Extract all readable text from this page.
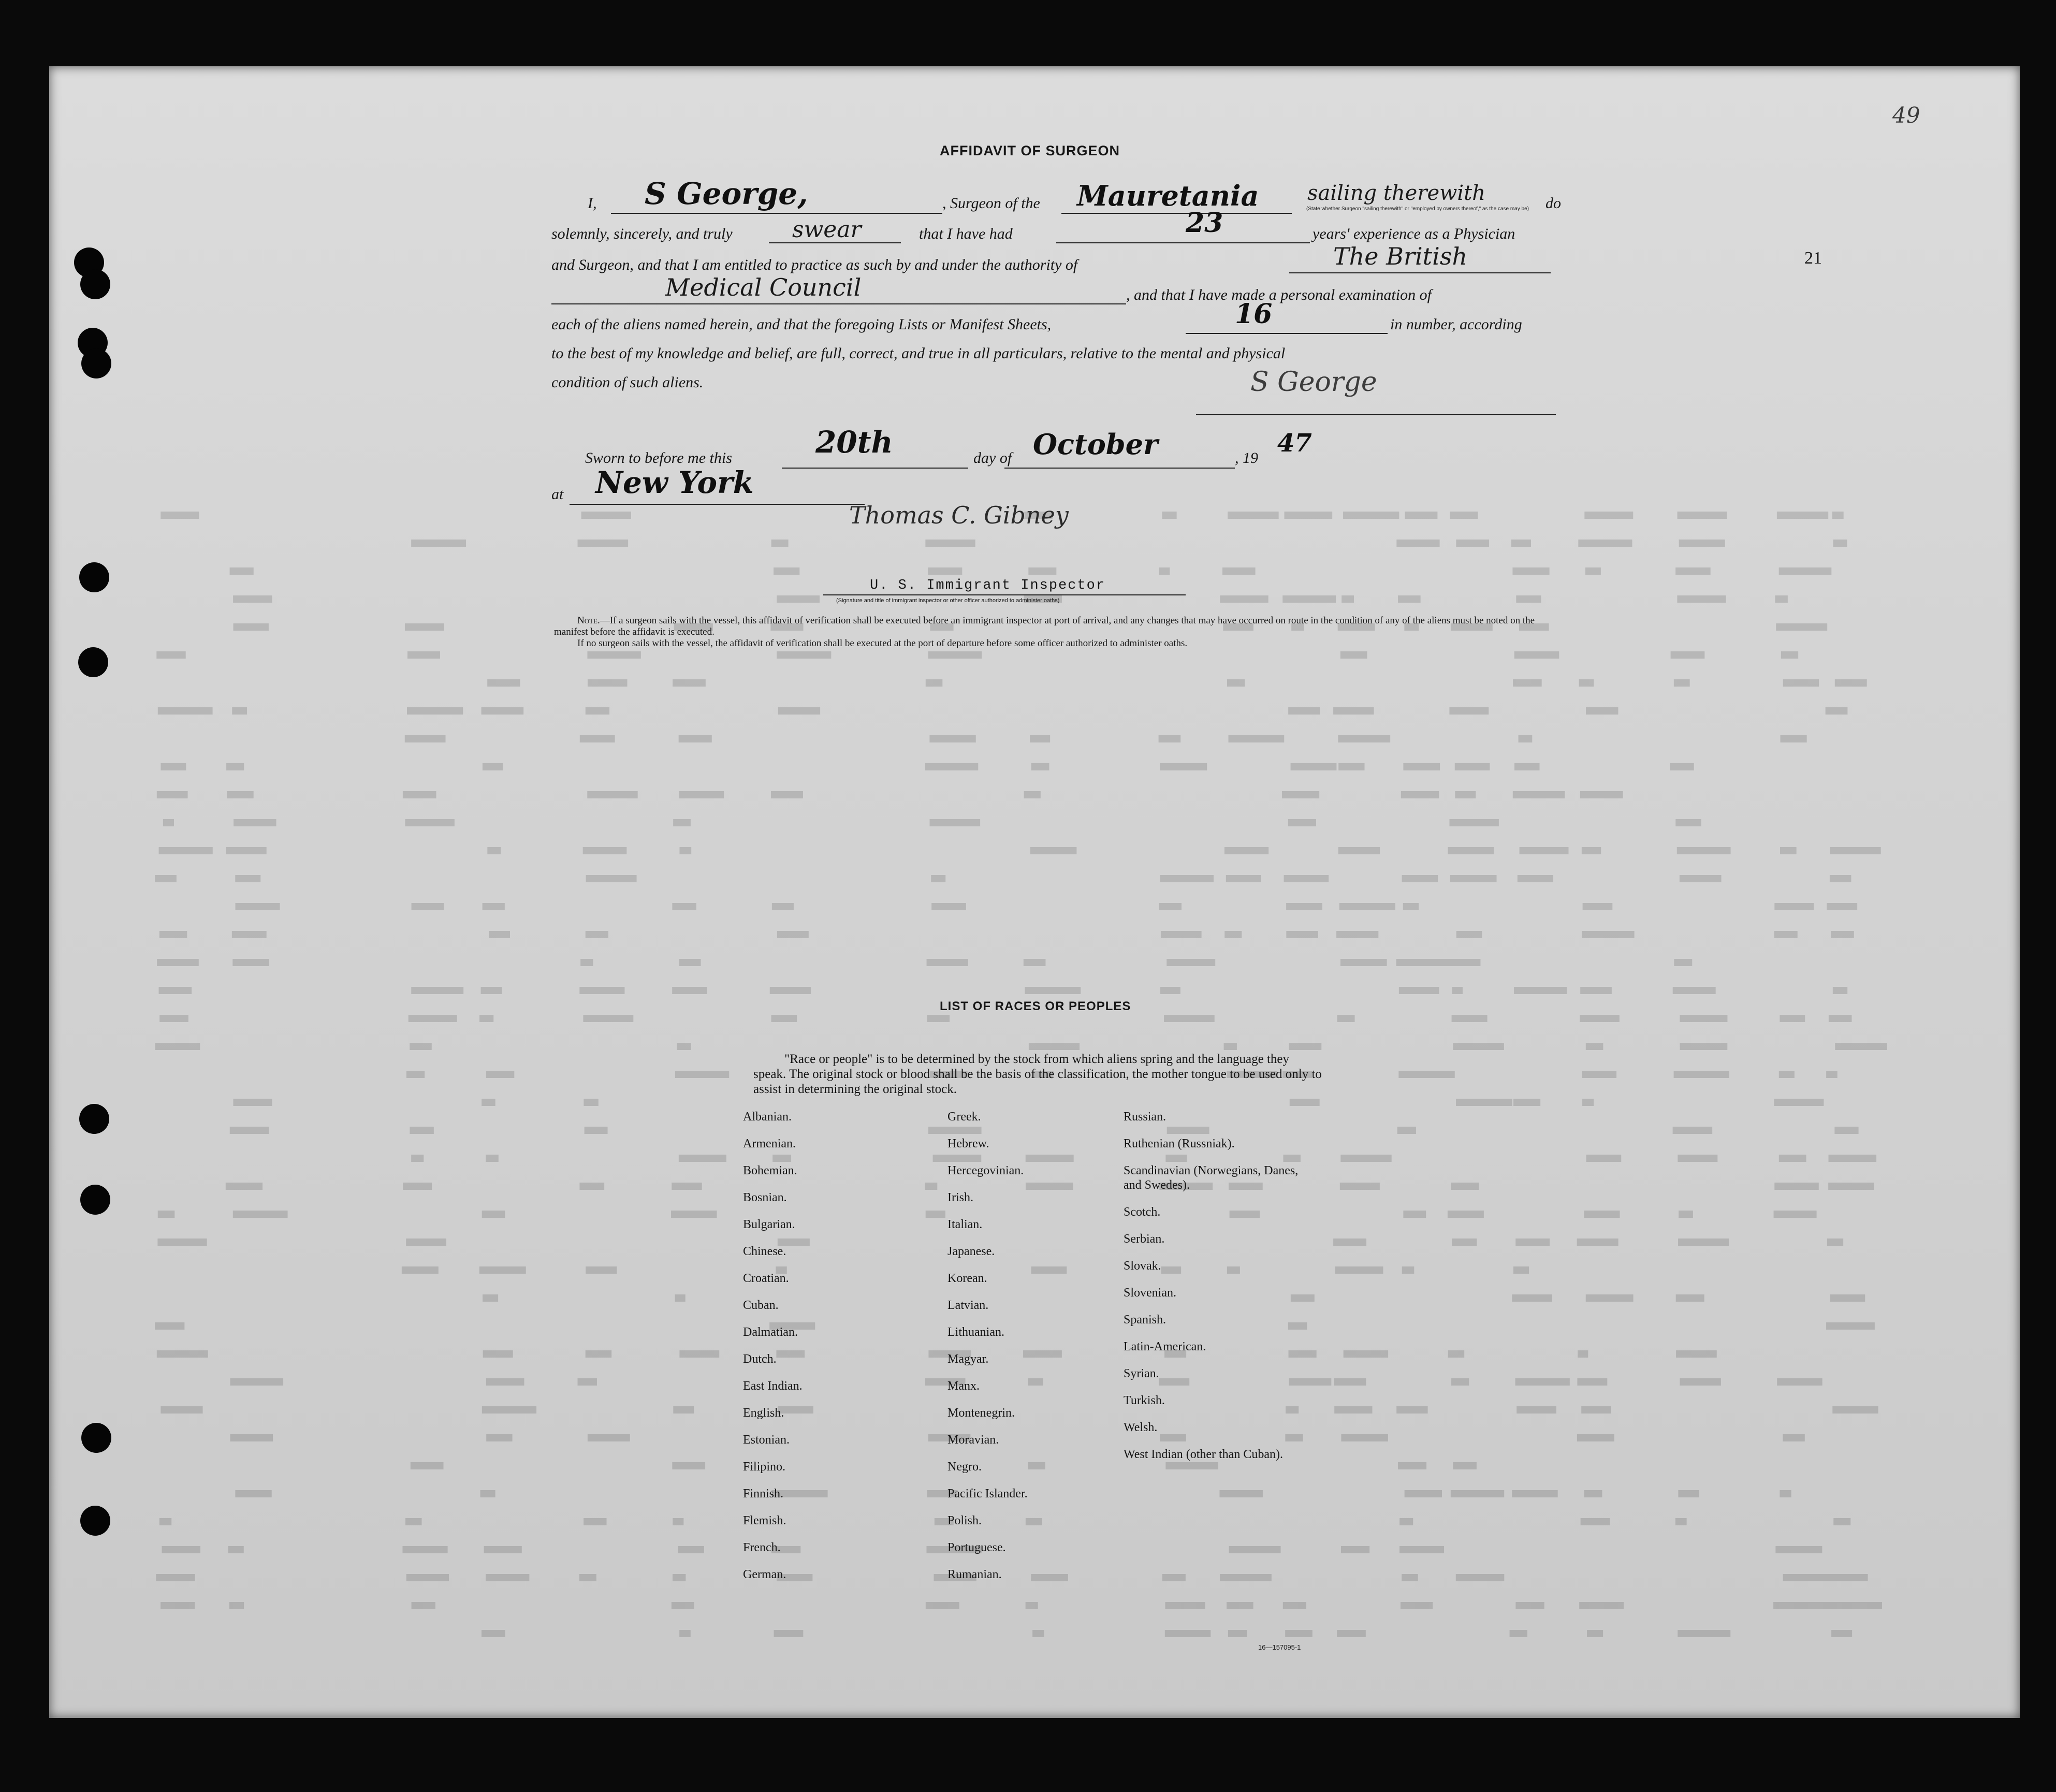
49
21
AFFIDAVIT OF SURGEON
I, S George,	, Surgeon of the Mauretania sailing therewith
(State whether Surgeon "sailing therewith" or "employed by owners thereof," as the case may be)	do
solemnly, sincerely, and truly	swear	that I have had	23	years' experience as a Physician
and Surgeon, and that I am entitled to practice as such by and under the authority of	The British
Medical Council	, and that I have made a personal examination of
each of the aliens named herein, and that the foregoing Lists or Manifest Sheets,	16	in number, according
to the best of my knowledge and belief, are full, correct, and true in all particulars, relative to the mental and physical
condition of such aliens.	S George
Sworn to before me this	20th	day of October	, 19
47
at New York
Thomas C. Gibney
U. S. Immigrant Inspector
(Signature and title of immigrant inspector or other officer authorized to administer oaths)
Note.—If a surgeon sails with the vessel, this affidavit of verification shall be executed before an immigrant inspector at port of arrival, and any changes that may have occurred on route in the condition of any of the aliens must be noted on the manifest before the affidavit is executed.
If no surgeon sails with the vessel, the affidavit of verification shall be executed at the port of departure before some officer authorized to administer oaths.
LIST OF RACES OR PEOPLES
"Race or people" is to be determined by the stock from which aliens spring and the language they speak. The original stock or blood shall be the basis of the classification, the mother tongue to be used only to assist in determining the original stock.
Albanian.
Armenian.
Bohemian.
Bosnian.
Bulgarian.
Chinese.
Croatian.
Cuban.
Dalmatian.
Dutch.
East Indian.
English.
Estonian.
Filipino.
Finnish.
Flemish.
French.
German.
Greek.
Hebrew.
Hercegovinian.
Irish.
Italian.
Japanese.
Korean.
Latvian.
Lithuanian.
Magyar.
Manx.
Montenegrin.
Moravian.
Negro.
Pacific Islander.
Polish.
Portuguese.
Rumanian.
Russian.
Ruthenian (Russniak).
Scandinavian (Norwegians, Danes, and Swedes).
Scotch.
Serbian.
Slovak.
Slovenian.
Spanish.
Latin-American.
Syrian.
Turkish.
Welsh.
West Indian (other than Cuban).
16—157095-1
